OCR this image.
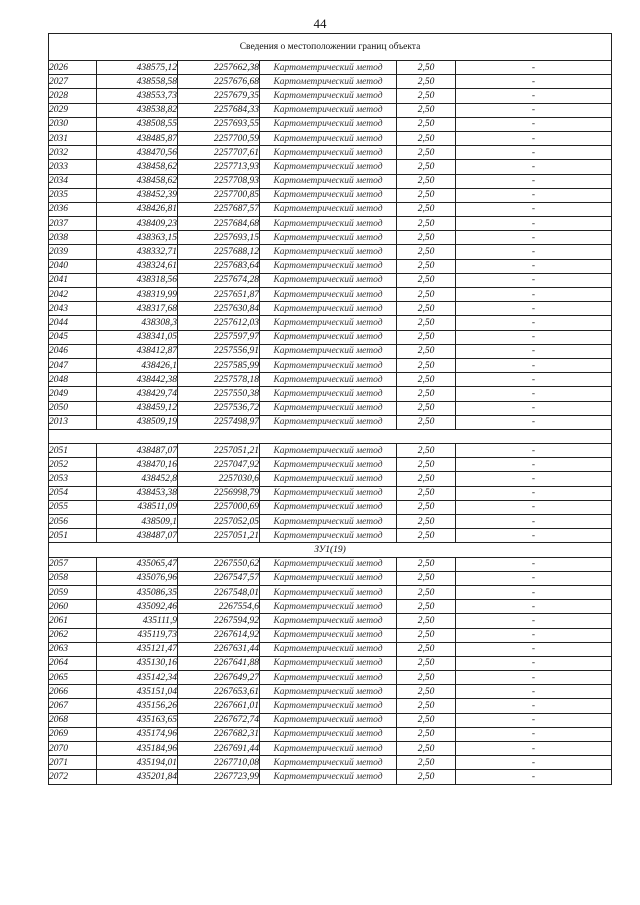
44
Сведения о местоположении границ объекта					
2026	438575,12	2257662,38	Картометрический метод	2,50	-
2027	438558,58	2257676,68	Картометрический метод	2,50	-
2028	438553,73	2257679,35	Картометрический метод	2,50	-
2029	438538,82	2257684,33	Картометрический метод	2,50	-
2030	438508,55	2257693,55	Картометрический метод	2,50	-
2031	438485,87	2257700,59	Картометрический метод	2,50	-
2032	438470,56	2257707,61	Картометрический метод	2,50	-
2033	438458,62	2257713,93	Картометрический метод	2,50	-
2034	438458,62	2257708,93	Картометрический метод	2,50	-
2035	438452,39	2257700,85	Картометрический метод	2,50	-
2036	438426,81	2257687,57	Картометрический метод	2,50	-
2037	438409,23	2257684,68	Картометрический метод	2,50	-
2038	438363,15	2257693,15	Картометрический метод	2,50	-
2039	438332,71	2257688,12	Картометрический метод	2,50	-
2040	438324,61	2257683,64	Картометрический метод	2,50	-
2041	438318,56	2257674,28	Картометрический метод	2,50	-
2042	438319,99	2257651,87	Картометрический метод	2,50	-
2043	438317,68	2257630,84	Картометрический метод	2,50	-
2044	438308,3	2257612,03	Картометрический метод	2,50	-
2045	438341,05	2257597,97	Картометрический метод	2,50	-
2046	438412,87	2257556,91	Картометрический метод	2,50	-
2047	438426,1	2257585,99	Картометрический метод	2,50	-
2048	438442,38	2257578,18	Картометрический метод	2,50	-
2049	438429,74	2257550,38	Картометрический метод	2,50	-
2050	438459,12	2257536,72	Картометрический метод	2,50	-
2013	438509,19	2257498,97	Картометрический метод	2,50	-

2051	438487,07	2257051,21	Картометрический метод	2,50	-
2052	438470,16	2257047,92	Картометрический метод	2,50	-
2053	438452,8	2257030,6	Картометрический метод	2,50	-
2054	438453,38	2256998,79	Картометрический метод	2,50	-
2055	438511,09	2257000,69	Картометрический метод	2,50	-
2056	438509,1	2257052,05	Картометрический метод	2,50	-
2051	438487,07	2257051,21	Картометрический метод	2,50	-
ЗУ1(19)					
2057	435065,47	2267550,62	Картометрический метод	2,50	-
2058	435076,96	2267547,57	Картометрический метод	2,50	-
2059	435086,35	2267548,01	Картометрический метод	2,50	-
2060	435092,46	2267554,6	Картометрический метод	2,50	-
2061	435111,9	2267594,92	Картометрический метод	2,50	-
2062	435119,73	2267614,92	Картометрический метод	2,50	-
2063	435121,47	2267631,44	Картометрический метод	2,50	-
2064	435130,16	2267641,88	Картометрический метод	2,50	-
2065	435142,34	2267649,27	Картометрический метод	2,50	-
2066	435151,04	2267653,61	Картометрический метод	2,50	-
2067	435156,26	2267661,01	Картометрический метод	2,50	-
2068	435163,65	2267672,74	Картометрический метод	2,50	-
2069	435174,96	2267682,31	Картометрический метод	2,50	-
2070	435184,96	2267691,44	Картометрический метод	2,50	-
2071	435194,01	2267710,08	Картометрический метод	2,50	-
2072	435201,84	2267723,99	Картометрический метод	2,50	-
